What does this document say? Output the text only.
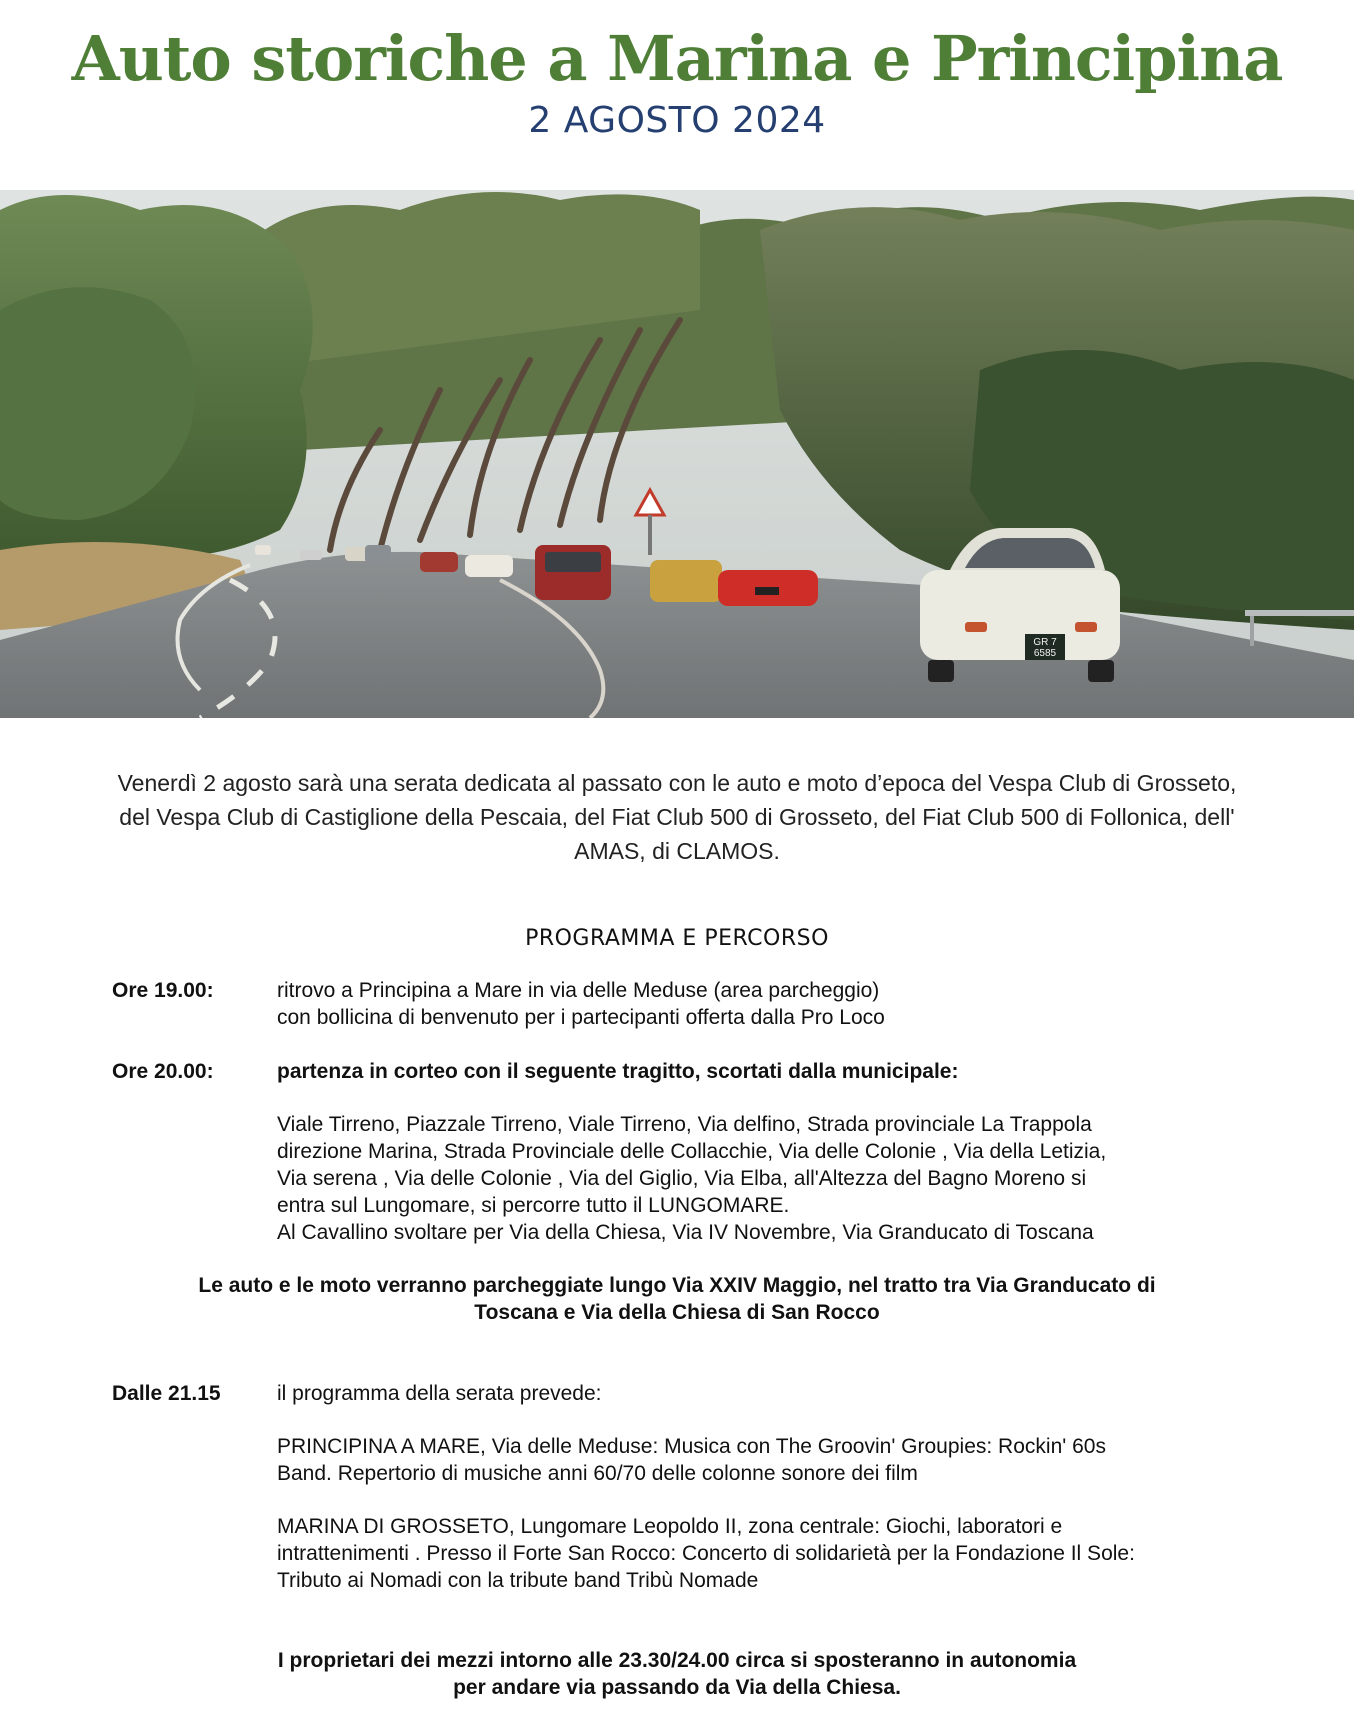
Auto storiche a Marina e Principina
2 AGOSTO 2024
GR 7
6585
Venerdì 2 agosto sarà una serata dedicata al passato con le auto e moto d’epoca del Vespa Club di Grosseto, del Vespa Club di Castiglione della Pescaia, del Fiat Club 500 di Grosseto, del Fiat Club 500 di Follonica, dell' AMAS, di CLAMOS.
PROGRAMMA E PERCORSO
Ore 19.00:	ritrovo a Principina a Mare in via delle Meduse (area parcheggio)
con bollicina di benvenuto per i partecipanti offerta dalla Pro Loco
Ore 20.00:	partenza in corteo con il seguente tragitto, scortati dalla municipale:
Viale Tirreno, Piazzale Tirreno, Viale Tirreno, Via delfino, Strada provinciale La Trappola
direzione Marina, Strada Provinciale delle Collacchie, Via delle Colonie , Via della Letizia,
Via serena , Via delle Colonie , Via del Giglio, Via Elba, all'Altezza del Bagno Moreno si
entra sul Lungomare, si percorre tutto il LUNGOMARE.
Al Cavallino svoltare per Via della Chiesa, Via IV Novembre, Via Granducato di Toscana
Le auto e le moto verranno parcheggiate lungo Via XXIV Maggio, nel tratto tra Via Granducato di
Toscana e Via della Chiesa di San Rocco
Dalle 21.15	il programma della serata prevede:
PRINCIPINA A MARE, Via delle Meduse: Musica con The Groovin' Groupies: Rockin' 60s
Band. Repertorio di musiche anni 60/70 delle colonne sonore dei film
MARINA DI GROSSETO, Lungomare Leopoldo II, zona centrale: Giochi, laboratori e
intrattenimenti . Presso il Forte San Rocco: Concerto di solidarietà per la Fondazione Il Sole:
Tributo ai Nomadi con la tribute band Tribù Nomade
I proprietari dei mezzi intorno alle 23.30/24.00 circa si sposteranno in autonomia
per andare via passando da Via della Chiesa.
